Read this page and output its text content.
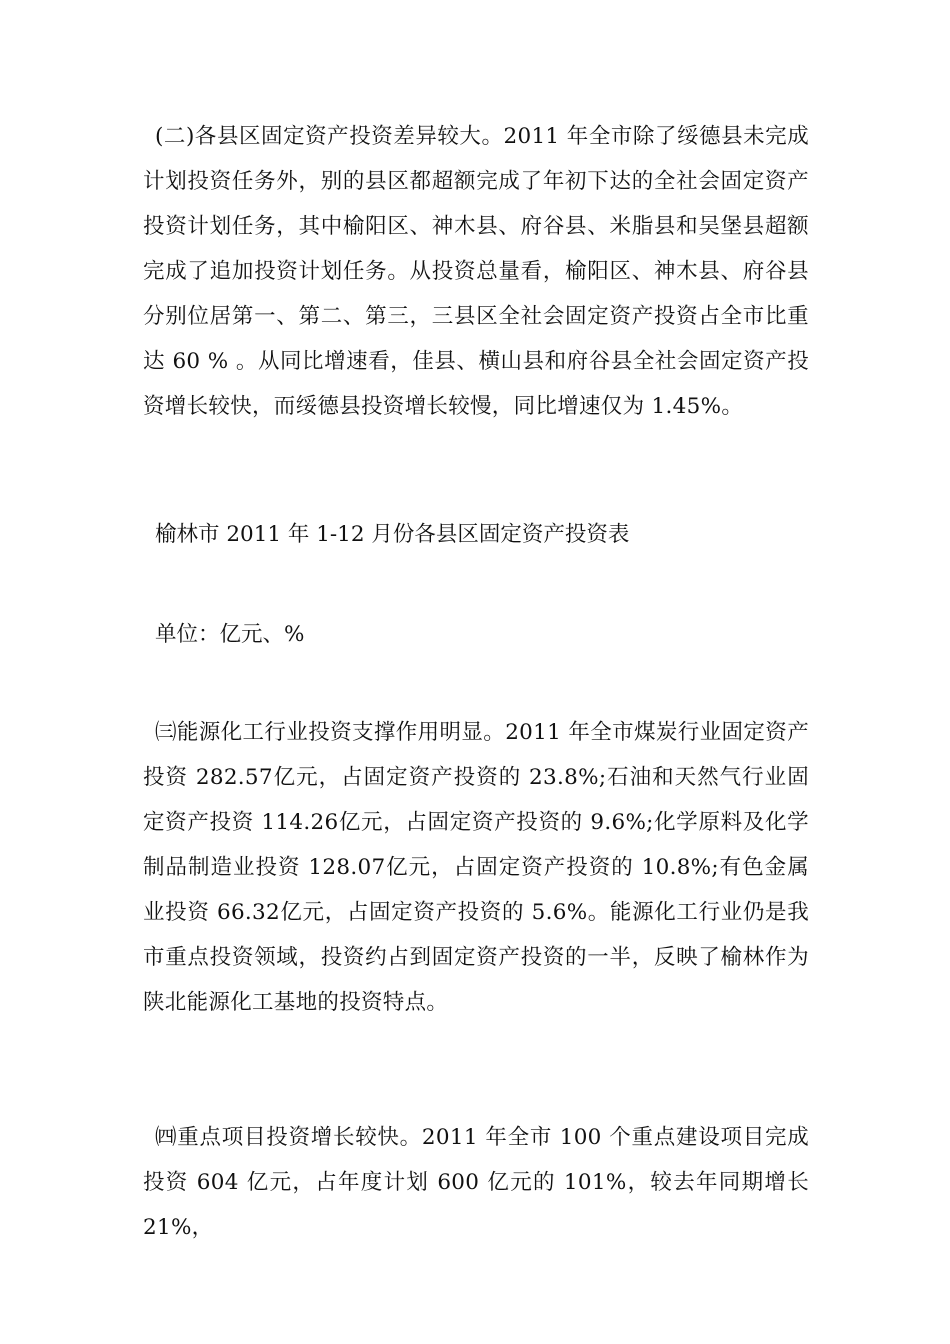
(二)各县区固定资产投资差异较大。2011 年全市除了绥德县未完成计划投资任务外，别的县区都超额完成了年初下达的全社会固定资产投资计划任务，其中榆阳区、神木县、府谷县、米脂县和吴堡县超额完成了追加投资计划任务。从投资总量看，榆阳区、神木县、府谷县分别位居第一、第二、第三，三县区全社会固定资产投资占全市比重达 60 % 。从同比增速看，佳县、横山县和府谷县全社会固定资产投资增长较快，而绥德县投资增长较慢，同比增速仅为 1.45%。

榆林市 2011 年 1-12 月份各县区固定资产投资表

单位：亿元、%

㈢能源化工行业投资支撑作用明显。2011 年全市煤炭行业固定资产投资 282.57亿元，占固定资产投资的 23.8%;石油和天然气行业固定资产投资 114.26亿元，占固定资产投资的 9.6%;化学原料及化学制品制造业投资 128.07亿元，占固定资产投资的 10.8%;有色金属业投资 66.32亿元，占固定资产投资的 5.6%。能源化工行业仍是我市重点投资领域，投资约占到固定资产投资的一半，反映了榆林作为陕北能源化工基地的投资特点。

㈣重点项目投资增长较快。2011 年全市 100 个重点建设项目完成投资 604 亿元，占年度计划 600 亿元的 101%，较去年同期增长 21%，
